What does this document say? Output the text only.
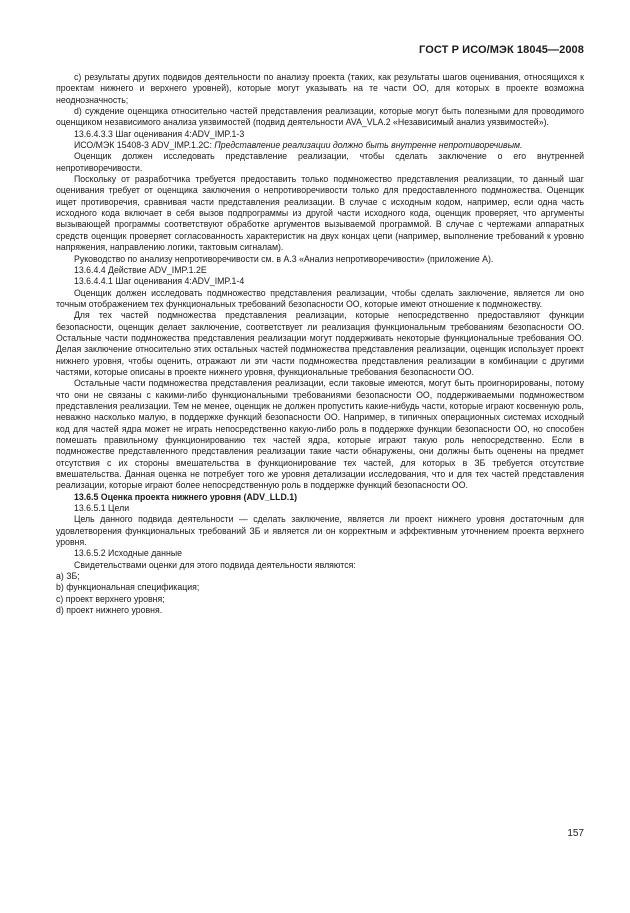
ГОСТ Р ИСО/МЭК 18045—2008

c) результаты других подвидов деятельности по анализу проекта (таких, как результаты шагов оценивания, относящихся к проектам нижнего и верхнего уровней), которые могут указывать на те части ОО, для которых в проекте возможна неоднозначность;

d) суждение оценщика относительно частей представления реализации, которые могут быть полезными для проводимого оценщиком независимого анализа уязвимостей (подвид деятельности AVA_VLA.2 «Независимый анализ уязвимостей»).

13.6.4.3.3 Шаг оценивания 4:ADV_IMP.1-3

ИСО/МЭК 15408-3 ADV_IMP.1.2C: Представление реализации должно быть внутренне непротиворечивым.

Оценщик должен исследовать представление реализации, чтобы сделать заключение о его внутренней непротиворечивости.

Поскольку от разработчика требуется предоставить только подмножество представления реализации, то данный шаг оценивания требует от оценщика заключения о непротиворечивости только для предоставленного подмножества. Оценщик ищет противоречия, сравнивая части представления реализации. В случае с исходным кодом, например, если одна часть исходного кода включает в себя вызов подпрограммы из другой части исходного кода, оценщик проверяет, что аргументы вызывающей программы соответствуют обработке аргументов вызываемой программой. В случае с чертежами аппаратных средств оценщик проверяет согласованность характеристик на двух концах цепи (например, выполнение требований к уровню напряжения, направлению логики, тактовым сигналам).

Руководство по анализу непротиворечивости см. в А.3 «Анализ непротиворечивости» (приложение А).

13.6.4.4 Действие ADV_IMP.1.2E

13.6.4.4.1 Шаг оценивания 4:ADV_IMP.1-4

Оценщик должен исследовать подмножество представления реализации, чтобы сделать заключение, является ли оно точным отображением тех функциональных требований безопасности ОО, которые имеют отношение к подмножеству.

Для тех частей подмножества представления реализации, которые непосредственно предоставляют функции безопасности, оценщик делает заключение, соответствует ли реализация функциональным требованиям безопасности ОО. Остальные части подмножества представления реализации могут поддерживать некоторые функциональные требования ОО. Делая заключение относительно этих остальных частей подмножества представления реализации, оценщик использует проект нижнего уровня, чтобы оценить, отражают ли эти части подмножества представления реализации в комбинации с другими частями, которые описаны в проекте нижнего уровня, функциональные требования безопасности ОО.

Остальные части подмножества представления реализации, если таковые имеются, могут быть проигнорированы, потому что они не связаны с какими-либо функциональными требованиями безопасности ОО, поддерживаемыми подмножеством представления реализации. Тем не менее, оценщик не должен пропустить какие-нибудь части, которые играют косвенную роль, неважно насколько малую, в поддержке функций безопасности ОО. Например, в типичных операционных системах исходный код для частей ядра может не играть непосредственно какую-либо роль в поддержке функции безопасности ОО, но способен помешать правильному функционированию тех частей ядра, которые играют такую роль непосредственно. Если в подмножестве представленного представления реализации такие части обнаружены, они должны быть оценены на предмет отсутствия с их стороны вмешательства в функционирование тех частей, для которых в ЗБ требуется отсутствие вмешательства. Данная оценка не потребует того же уровня детализации исследования, что и для тех частей представления реализации, которые играют более непосредственную роль в поддержке функций безопасности ОО.

13.6.5 Оценка проекта нижнего уровня (ADV_LLD.1)

13.6.5.1 Цели

Цель данного подвида деятельности — сделать заключение, является ли проект нижнего уровня достаточным для удовлетворения функциональных требований ЗБ и является ли он корректным и эффективным уточнением проекта верхнего уровня.

13.6.5.2 Исходные данные

Свидетельствами оценки для этого подвида деятельности являются:

a) ЗБ;

b) функциональная спецификация;

c) проект верхнего уровня;

d) проект нижнего уровня.

157
